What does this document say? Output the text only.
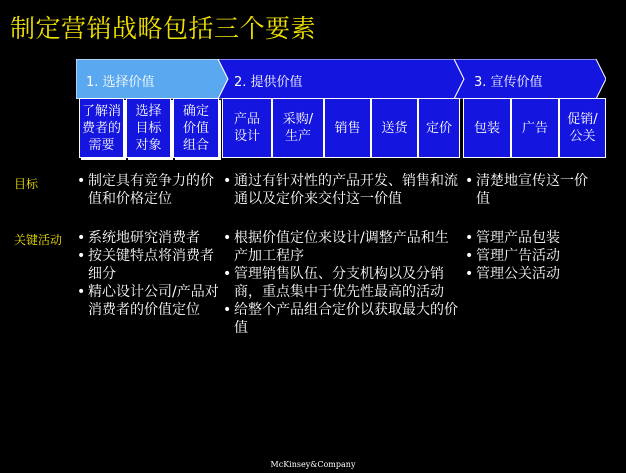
制定营销战略包括三个要素
1. 选择价值	2. 提供价值	3. 宣传价值
了解消费者的需要
选择目标对象
确定价值组合
产品设计
采购/生产
销售 送货 定价 包装 广告
促销/公关
目标
关键活动
• 制定具有竞争力的价值和价格定位
• 通过有针对性的产品开发、销售和流通以及定价来交付这一价值
• 清楚地宣传这一价值
• 系统地研究消费者
• 按关键特点将消费者细分
• 精心设计公司/产品对消费者的价值定位
• 根据价值定位来设计/调整产品和生产加工程序
• 管理销售队伍、分支机构以及分销商，重点集中于优先性最高的活动
• 给整个产品组合定价以获取最大的价值
• 管理产品包装
• 管理广告活动
• 管理公关活动
McKinsey&Company
